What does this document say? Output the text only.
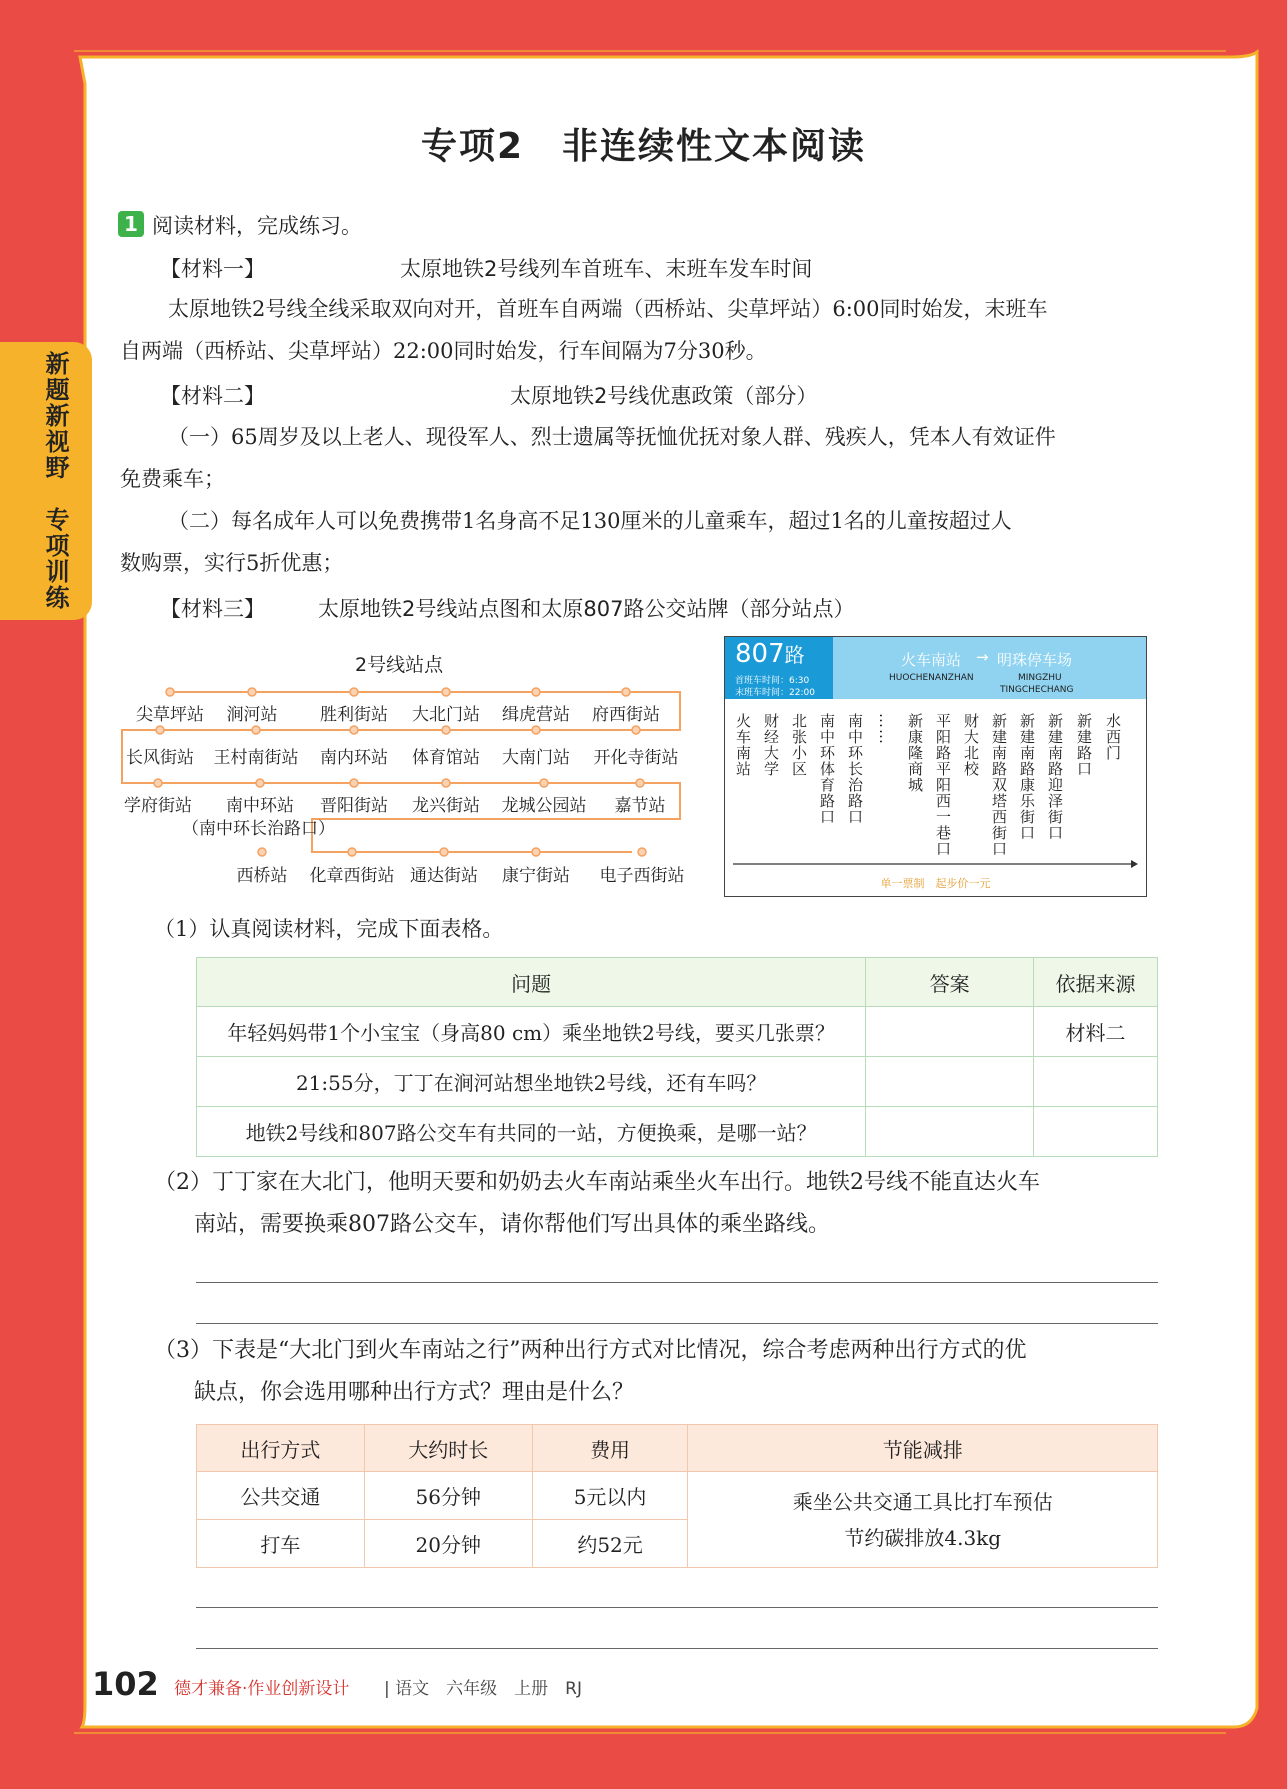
新题新视野　专项训练
专项2　非连续性文本阅读
1 阅读材料，完成练习。
【材料一】	太原地铁2号线列车首班车、末班车发车时间
太原地铁2号线全线采取双向对开，首班车自两端（西桥站、尖草坪站）6:00同时始发，末班车
自两端（西桥站、尖草坪站）22:00同时始发，行车间隔为7分30秒。
【材料二】	太原地铁2号线优惠政策（部分）
（一）65周岁及以上老人、现役军人、烈士遗属等抚恤优抚对象人群、残疾人，凭本人有效证件
免费乘车；
（二）每名成年人可以免费携带1名身高不足130厘米的儿童乘车，超过1名的儿童按超过人
数购票，实行5折优惠；
【材料三】	太原地铁2号线站点图和太原807路公交站牌（部分站点）
2号线站点
尖草坪站 涧河站	胜利街站 大北门站 缉虎营站 府西街站
长风街站 王村南街站 南内环站 体育馆站 大南门站 开化寺街站
学府街站 南中环站 晋阳街站 龙兴街站 龙城公园站 嘉节站
西桥站 化章西街站 通达街站 康宁街站 电子西街站
（南中环长治路口）
807路
首班车时间：6:30
末班车时间：22:00
火车南站 → 明珠停车场
HUOCHENANZHAN	MINGZHU
TINGCHECHANG
火车南站 财经大学 北张小区 南中环体育路口 南中环长治路口 …… 新康隆商城 平阳路平阳西一巷口 财大北校 新建南路双塔西街口 新建南路康乐街口 新建南路迎泽街口 新建路口 水西门
单一票制　起步价一元
（1）认真阅读材料，完成下面表格。
问题	答案	依据来源
年轻妈妈带1个小宝宝（身高80 cm）乘坐地铁2号线，要买几张票？		材料二
21:55分，丁丁在涧河站想坐地铁2号线，还有车吗？		
地铁2号线和807路公交车有共同的一站，方便换乘，是哪一站？		
（2）丁丁家在大北门，他明天要和奶奶去火车南站乘坐火车出行。地铁2号线不能直达火车
南站，需要换乘807路公交车，请你帮他们写出具体的乘坐路线。
（3）下表是“大北门到火车南站之行”两种出行方式对比情况，综合考虑两种出行方式的优
缺点，你会选用哪种出行方式？理由是什么？
出行方式	大约时长	费用	节能减排
公共交通	56分钟	5元以内	乘坐公共交通工具比打车预估
节约碳排放4.3kg
打车	20分钟	约52元	
102 德才兼备·作业创新设计 | 语文　六年级　上册　RJ
